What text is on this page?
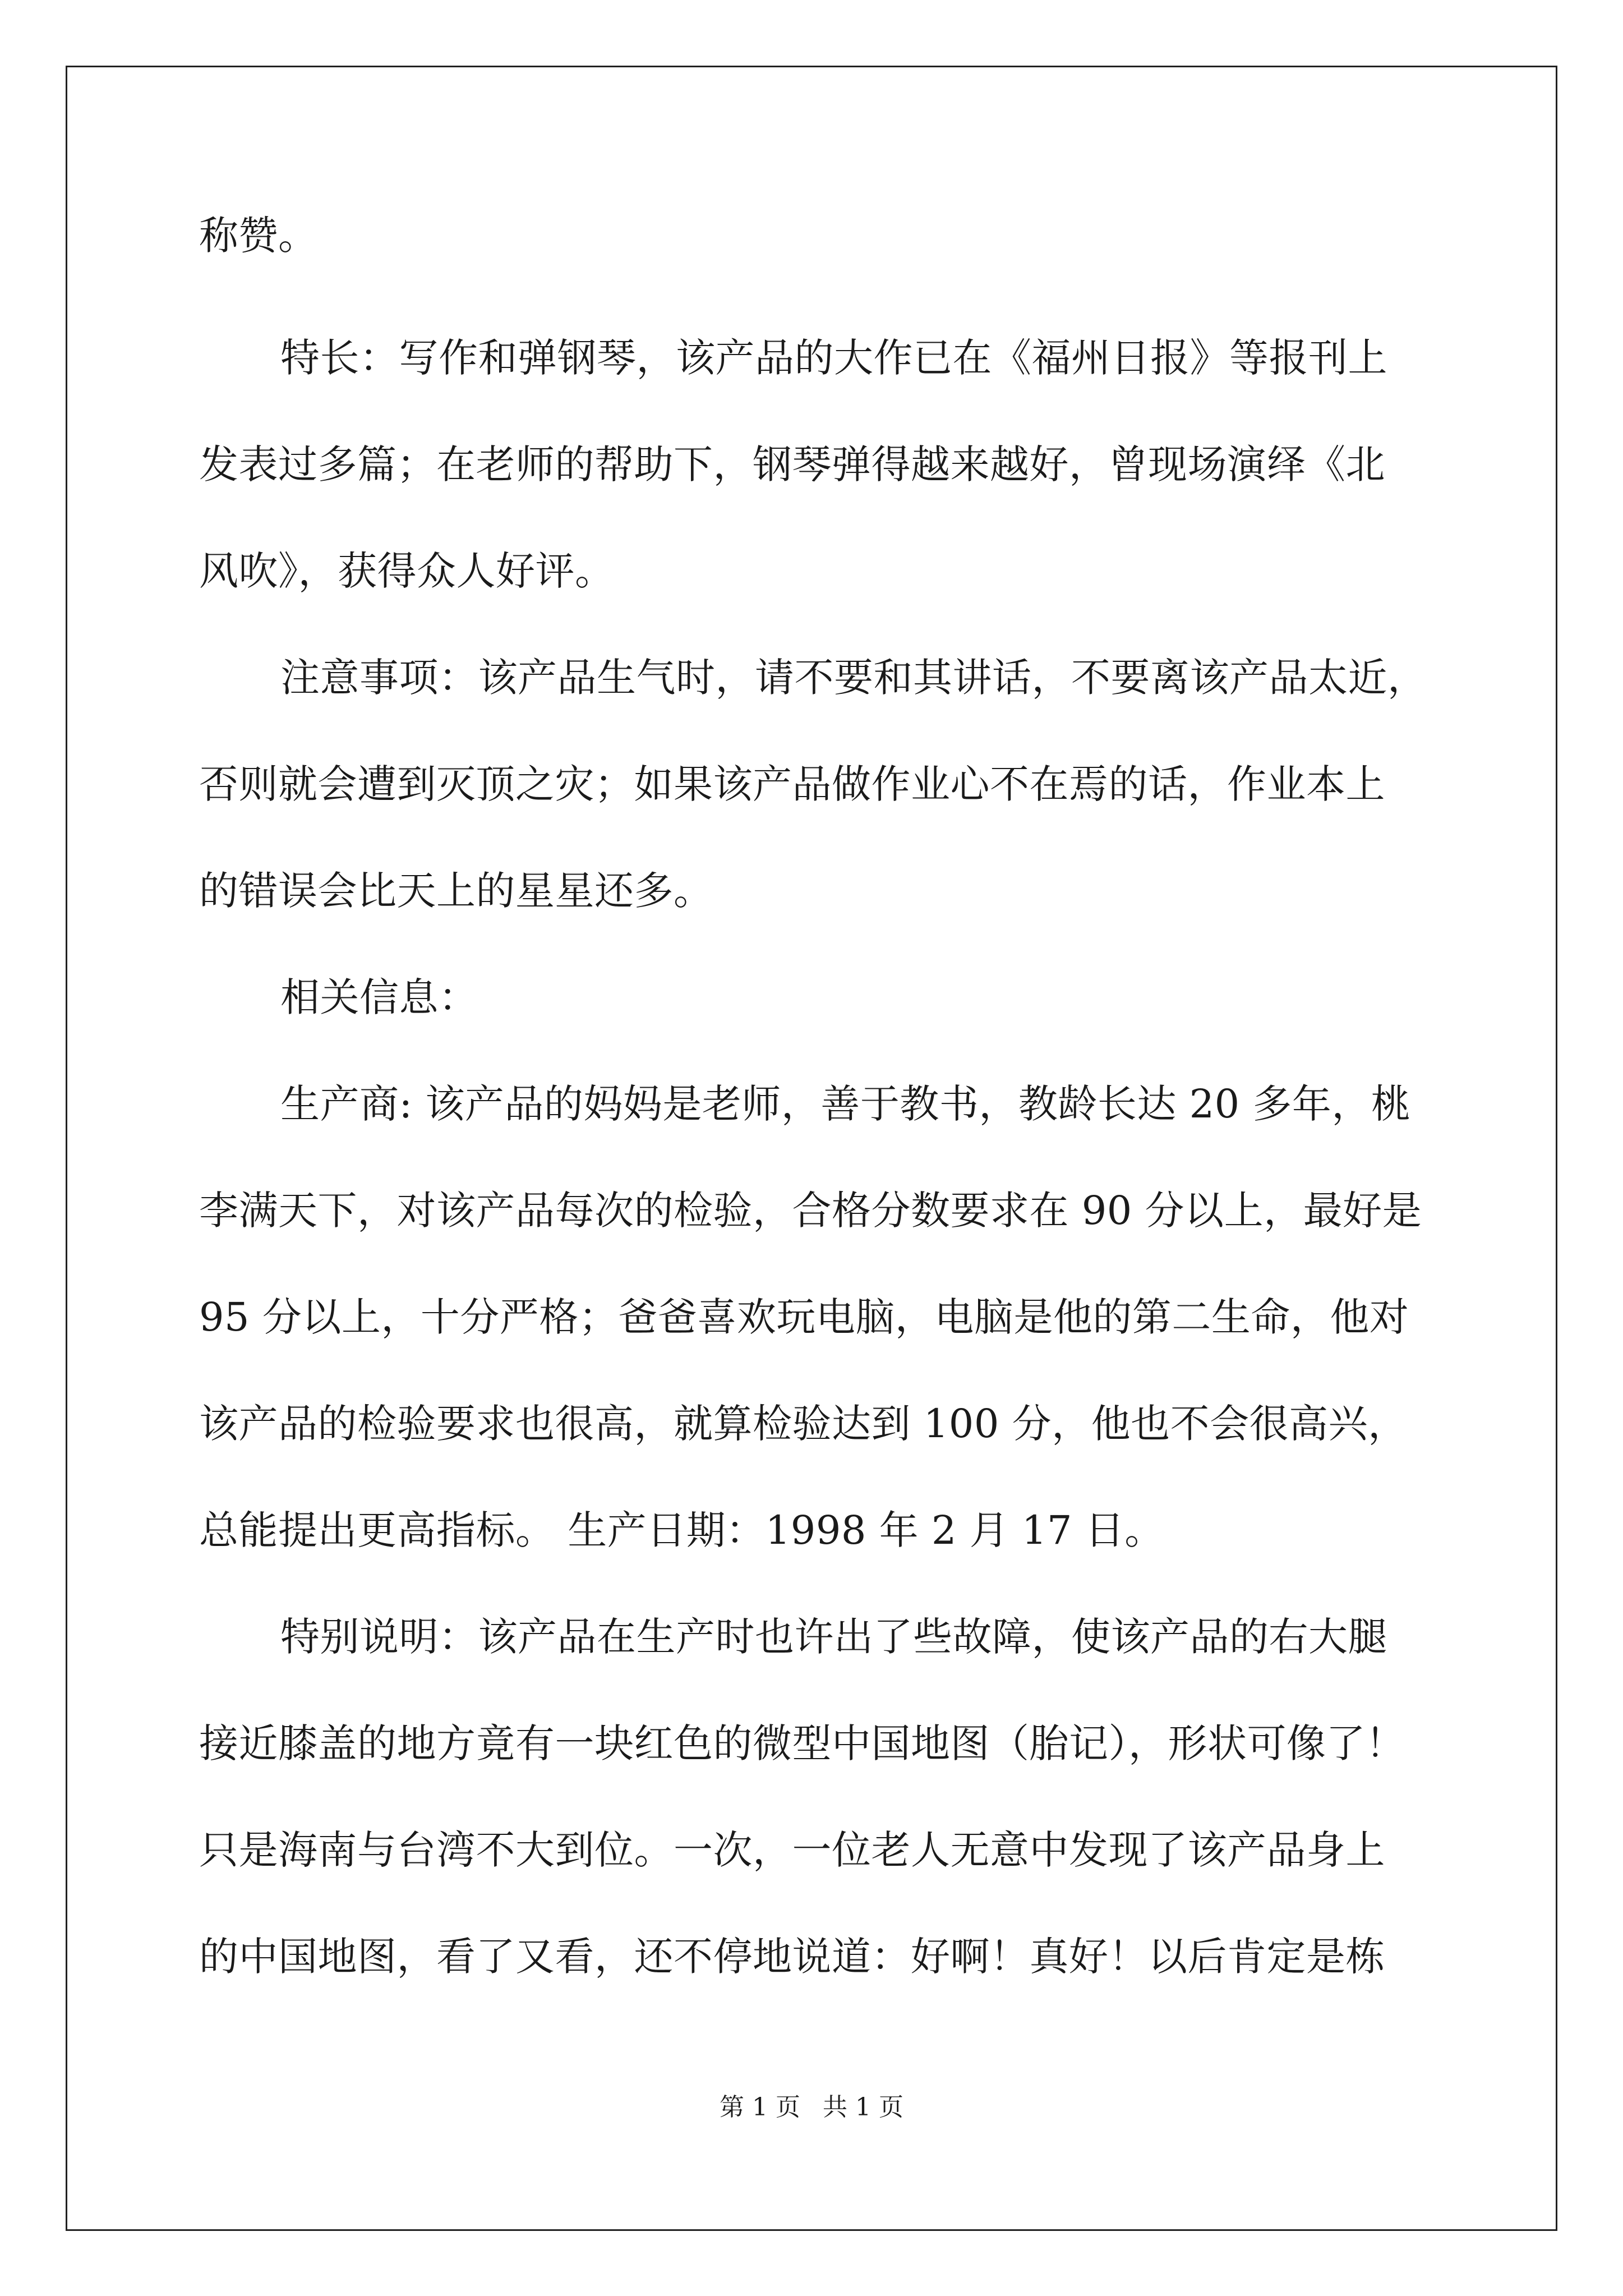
称赞。

特长：写作和弹钢琴，该产品的大作已在《福州日报》等报刊上

发表过多篇；在老师的帮助下，钢琴弹得越来越好，曾现场演绎《北

风吹》，获得众人好评。

注意事项：该产品生气时，请不要和其讲话，不要离该产品太近，

否则就会遭到灭顶之灾；如果该产品做作业心不在焉的话，作业本上

的错误会比天上的星星还多。

相关信息：

生产商: 该产品的妈妈是老师，善于教书，教龄长达 20 多年，桃

李满天下，对该产品每次的检验，合格分数要求在 90 分以上，最好是

95 分以上，十分严格；爸爸喜欢玩电脑，电脑是他的第二生命，他对

该产品的检验要求也很高，就算检验达到 100 分，他也不会很高兴，

总能提出更高指标。 生产日期：1998 年 2 月 17 日。

特别说明：该产品在生产时也许出了些故障，使该产品的右大腿

接近膝盖的地方竟有一块红色的微型中国地图（胎记），形状可像了！

只是海南与台湾不大到位。一次，一位老人无意中发现了该产品身上

的中国地图，看了又看，还不停地说道：好啊！真好！以后肯定是栋

第 1 页 共 1 页
